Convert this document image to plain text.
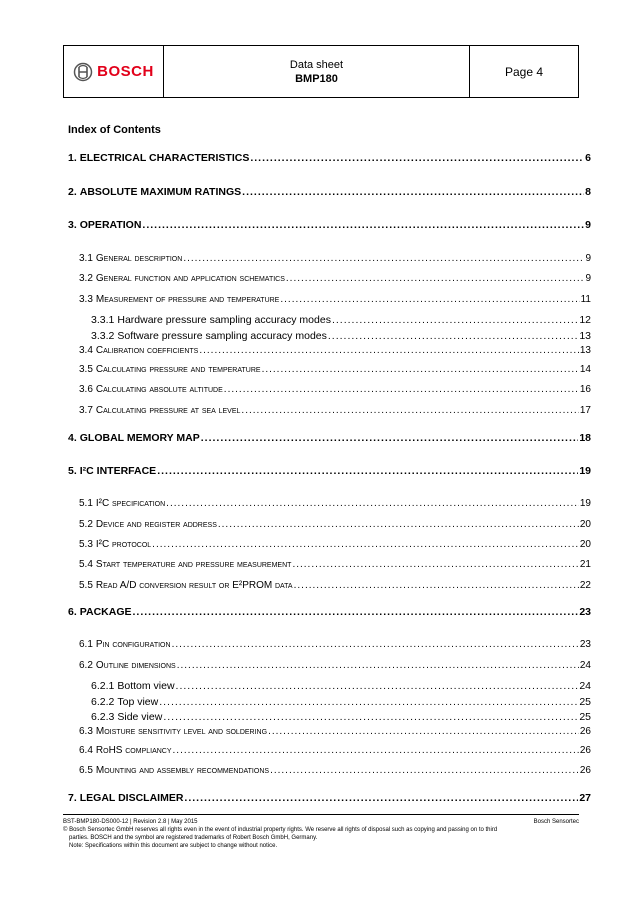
BOSCH	Data sheet
BMP180	Page 4
Index of Contents
1. ELECTRICAL CHARACTERISTICS .....	6
2. ABSOLUTE MAXIMUM RATINGS .....	8
3. OPERATION .....	9
3.1 General description .....	9
3.2 General function and application schematics .....	9
3.3 Measurement of pressure and temperature .....	11
3.3.1 Hardware pressure sampling accuracy modes .....	12
3.3.2 Software pressure sampling accuracy modes .....	13
3.4 Calibration coefficients .....	13
3.5 Calculating pressure and temperature .....	14
3.6 Calculating absolute altitude .....	16
3.7 Calculating pressure at sea level .....	17
4. GLOBAL MEMORY MAP .....	18
5. I²C INTERFACE .....	19
5.1 I²C specification .....	19
5.2 Device and register address .....	20
5.3 I²C protocol .....	20
5.4 Start temperature and pressure measurement .....	21
5.5 Read A/D conversion result or E²PROM data .....	22
6. PACKAGE .....	23
6.1 Pin configuration .....	23
6.2 Outline dimensions .....	24
6.2.1 Bottom view .....	24
6.2.2 Top view .....	25
6.2.3 Side view .....	25
6.3 Moisture sensitivity level and soldering .....	26
6.4 RoHS compliancy .....	26
6.5 Mounting and assembly recommendations .....	26
7. LEGAL DISCLAIMER .....	27
BST-BMP180-DS000-12 | Revision 2.8 | May 2015	Bosch Sensortec
© Bosch Sensortec GmbH reserves all rights even in the event of industrial property rights. We reserve all rights of disposal such as copying and passing on to third
parties. BOSCH and the symbol are registered trademarks of Robert Bosch GmbH, Germany.
Note: Specifications within this document are subject to change without notice.
